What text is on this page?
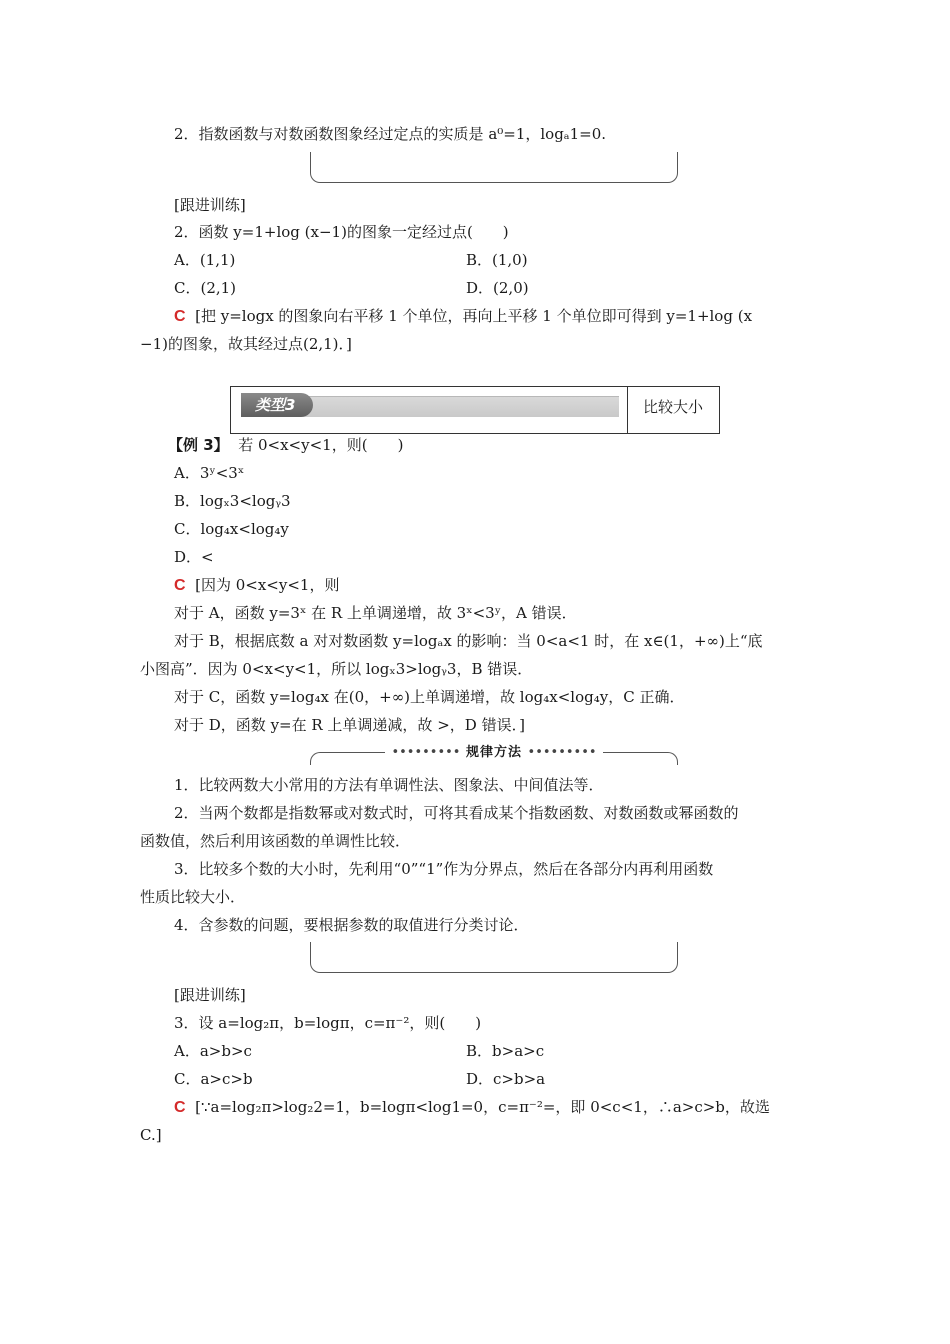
2．指数函数与对数函数图象经过定点的实质是 a⁰=1，logₐ1=0.
[跟进训练]
2．函数 y=1+log (x−1)的图象一定经过点(　　)
A．(1,1)	B．(1,0)
C．(2,1)	D．(2,0)
C [把 y=logx 的图象向右平移 1 个单位，再向上平移 1 个单位即可得到 y=1+log (x
−1)的图象，故其经过点(2,1)．]
类型3	比较大小
【例 3】 若 0<x<y<1，则(　　)
A．3ʸ<3ˣ
B．logₓ3<logᵧ3
C．log₄x<log₄y
D．<
C [因为 0<x<y<1，则
对于 A，函数 y=3ˣ 在 R 上单调递增，故 3ˣ<3ʸ，A 错误．
对于 B，根据底数 a 对对数函数 y=logₐx 的影响：当 0<a<1 时，在 x∈(1，+∞)上“底
小图高”．因为 0<x<y<1，所以 logₓ3>logᵧ3，B 错误．
对于 C，函数 y=log₄x 在(0，+∞)上单调递增，故 log₄x<log₄y，C 正确．
对于 D，函数 y=在 R 上单调递减，故 >，D 错误．]
••••••••• 规律方法 •••••••••
1．比较两数大小常用的方法有单调性法、图象法、中间值法等．
2．当两个数都是指数幂或对数式时，可将其看成某个指数函数、对数函数或幂函数的
函数值，然后利用该函数的单调性比较．
3．比较多个数的大小时，先利用“0”“1”作为分界点，然后在各部分内再利用函数
性质比较大小．
4．含参数的问题，要根据参数的取值进行分类讨论．
[跟进训练]
3．设 a=log₂π，b=logπ，c=π⁻²，则(　　)
A．a>b>c	B．b>a>c
C．a>c>b	D．c>b>a
C [∵a=log₂π>log₂2=1，b=logπ<log1=0，c=π⁻²=，即 0<c<1，∴a>c>b，故选
C.]
